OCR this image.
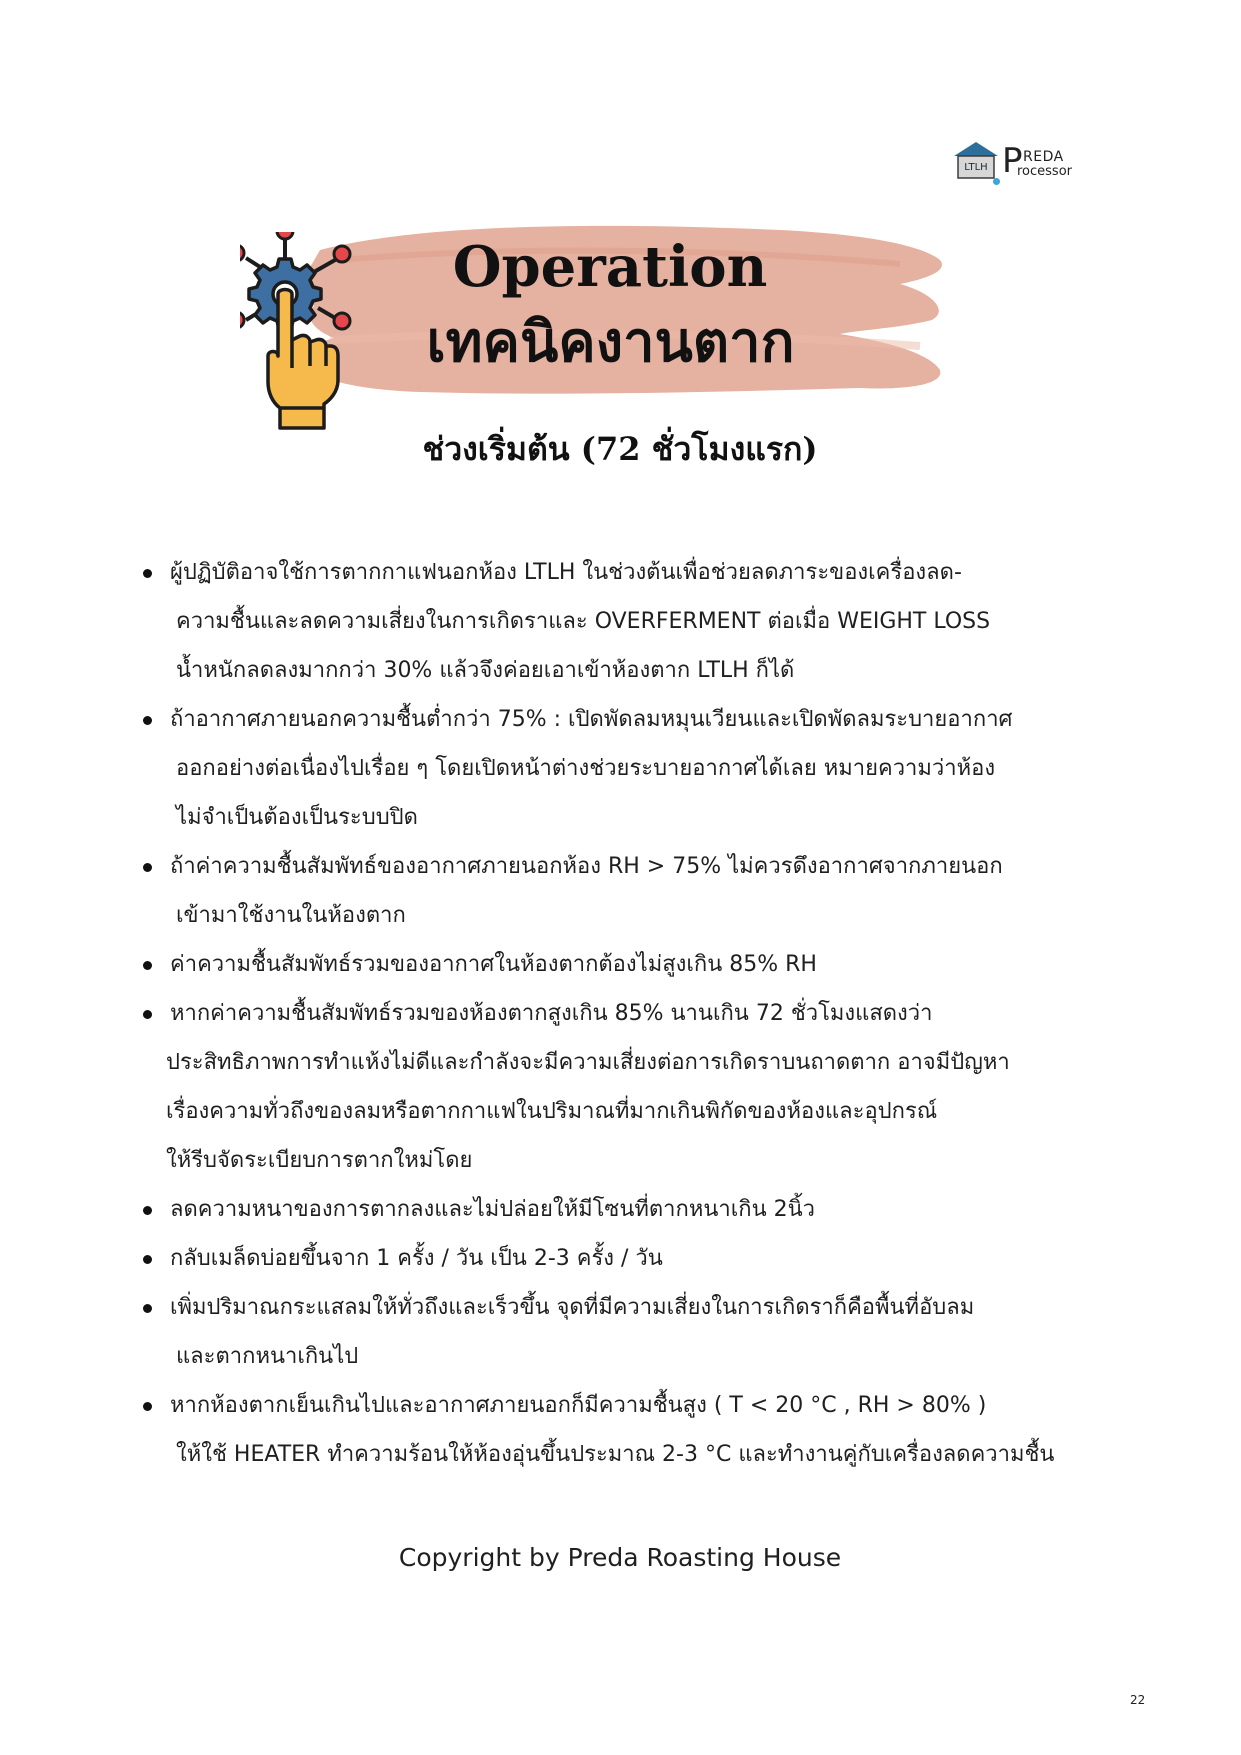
LTLH P REDA
rocessor
Operation
เทคนิคงานตาก
ช่วงเริ่มต้น (72 ชั่วโมงแรก)
ผู้ปฏิบัติอาจใช้การตากกาแฟนอกห้อง LTLH ในช่วงต้นเพื่อช่วยลดภาระของเครื่องลด-
ความชื้นและลดความเสี่ยงในการเกิดราและ OVERFERMENT ต่อเมื่อ WEIGHT LOSS
น้ำหนักลดลงมากกว่า 30% แล้วจึงค่อยเอาเข้าห้องตาก LTLH ก็ได้
ถ้าอากาศภายนอกความชื้นต่ำกว่า 75% : เปิดพัดลมหมุนเวียนและเปิดพัดลมระบายอากาศ
ออกอย่างต่อเนื่องไปเรื่อย ๆ โดยเปิดหน้าต่างช่วยระบายอากาศได้เลย หมายความว่าห้อง
ไม่จำเป็นต้องเป็นระบบปิด
ถ้าค่าความชื้นสัมพัทธ์ของอากาศภายนอกห้อง RH > 75% ไม่ควรดึงอากาศจากภายนอก
เข้ามาใช้งานในห้องตาก
ค่าความชื้นสัมพัทธ์รวมของอากาศในห้องตากต้องไม่สูงเกิน 85% RH
หากค่าความชื้นสัมพัทธ์รวมของห้องตากสูงเกิน 85% นานเกิน 72 ชั่วโมงแสดงว่า
ประสิทธิภาพการทำแห้งไม่ดีและกำลังจะมีความเสี่ยงต่อการเกิดราบนถาดตาก อาจมีปัญหา
เรื่องความทั่วถึงของลมหรือตากกาแฟในปริมาณที่มากเกินพิกัดของห้องและอุปกรณ์
ให้รีบจัดระเบียบการตากใหม่โดย
ลดความหนาของการตากลงและไม่ปล่อยให้มีโซนที่ตากหนาเกิน 2นิ้ว
กลับเมล็ดบ่อยขึ้นจาก 1 ครั้ง / วัน เป็น 2-3 ครั้ง / วัน
เพิ่มปริมาณกระแสลมให้ทั่วถึงและเร็วขึ้น จุดที่มีความเสี่ยงในการเกิดราก็คือพื้นที่อับลม
และตากหนาเกินไป
หากห้องตากเย็นเกินไปและอากาศภายนอกก็มีความชื้นสูง ( T < 20 °C , RH > 80% )
ให้ใช้ HEATER ทำความร้อนให้ห้องอุ่นขึ้นประมาณ 2-3 °C และทำงานคู่กับเครื่องลดความชื้น

Copyright by Preda Roasting House

22
